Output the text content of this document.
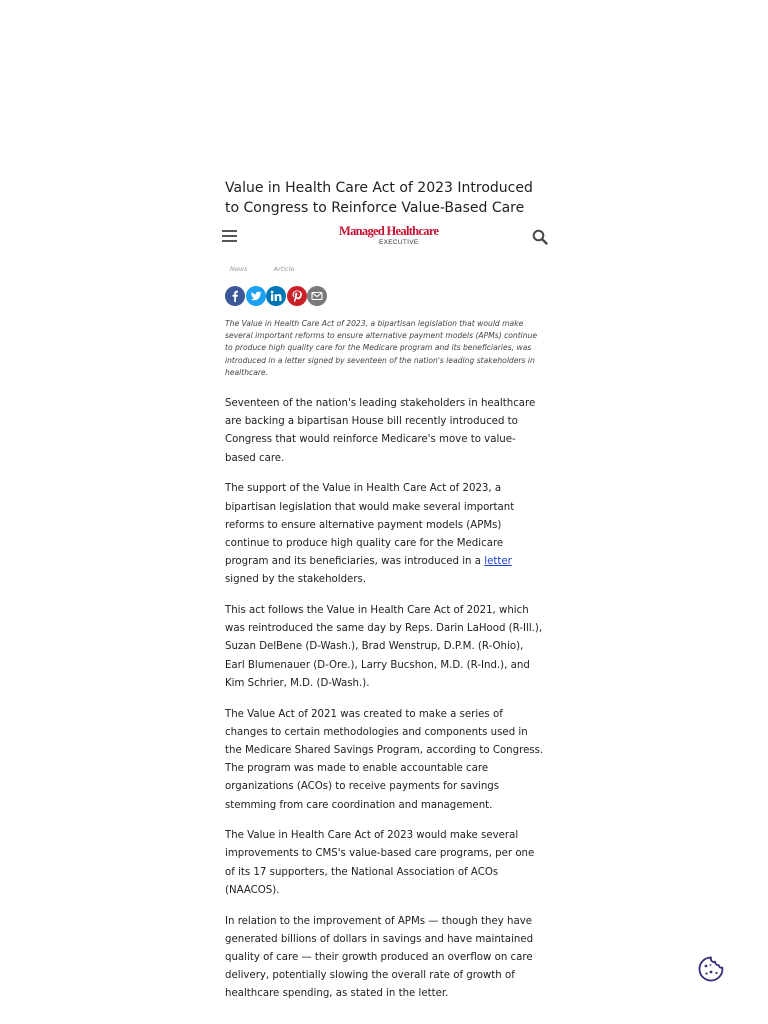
Value in Health Care Act of 2023 Introduced to Congress to Reinforce Value-Based Care
Managed Healthcare
EXECUTIVE
News	Article
The Value in Health Care Act of 2023, a bipartisan legislation that would make several important reforms to ensure alternative payment models (APMs) continue to produce high quality care for the Medicare program and its beneficiaries, was introduced in a letter signed by seventeen of the nation's leading stakeholders in healthcare.

Seventeen of the nation's leading stakeholders in healthcare are backing a bipartisan House bill recently introduced to Congress that would reinforce Medicare's move to value-based care.

The support of the Value in Health Care Act of 2023, a bipartisan legislation that would make several important reforms to ensure alternative payment models (APMs) continue to produce high quality care for the Medicare program and its beneficiaries, was introduced in a letter signed by the stakeholders.

This act follows the Value in Health Care Act of 2021, which was reintroduced the same day by Reps. Darin LaHood (R-Ill.), Suzan DelBene (D-Wash.), Brad Wenstrup, D.P.M. (R-Ohio), Earl Blumenauer (D-Ore.), Larry Bucshon, M.D. (R-Ind.), and Kim Schrier, M.D. (D-Wash.).

The Value Act of 2021 was created to make a series of changes to certain methodologies and components used in the Medicare Shared Savings Program, according to Congress. The program was made to enable accountable care organizations (ACOs) to receive payments for savings stemming from care coordination and management.

The Value in Health Care Act of 2023 would make several improvements to CMS's value-based care programs, per one of its 17 supporters, the National Association of ACOs (NAACOS).

In relation to the improvement of APMs — though they have generated billions of dollars in savings and have maintained quality of care — their growth produced an overflow on care delivery, potentially slowing the overall rate of growth of healthcare spending, as stated in the letter.
